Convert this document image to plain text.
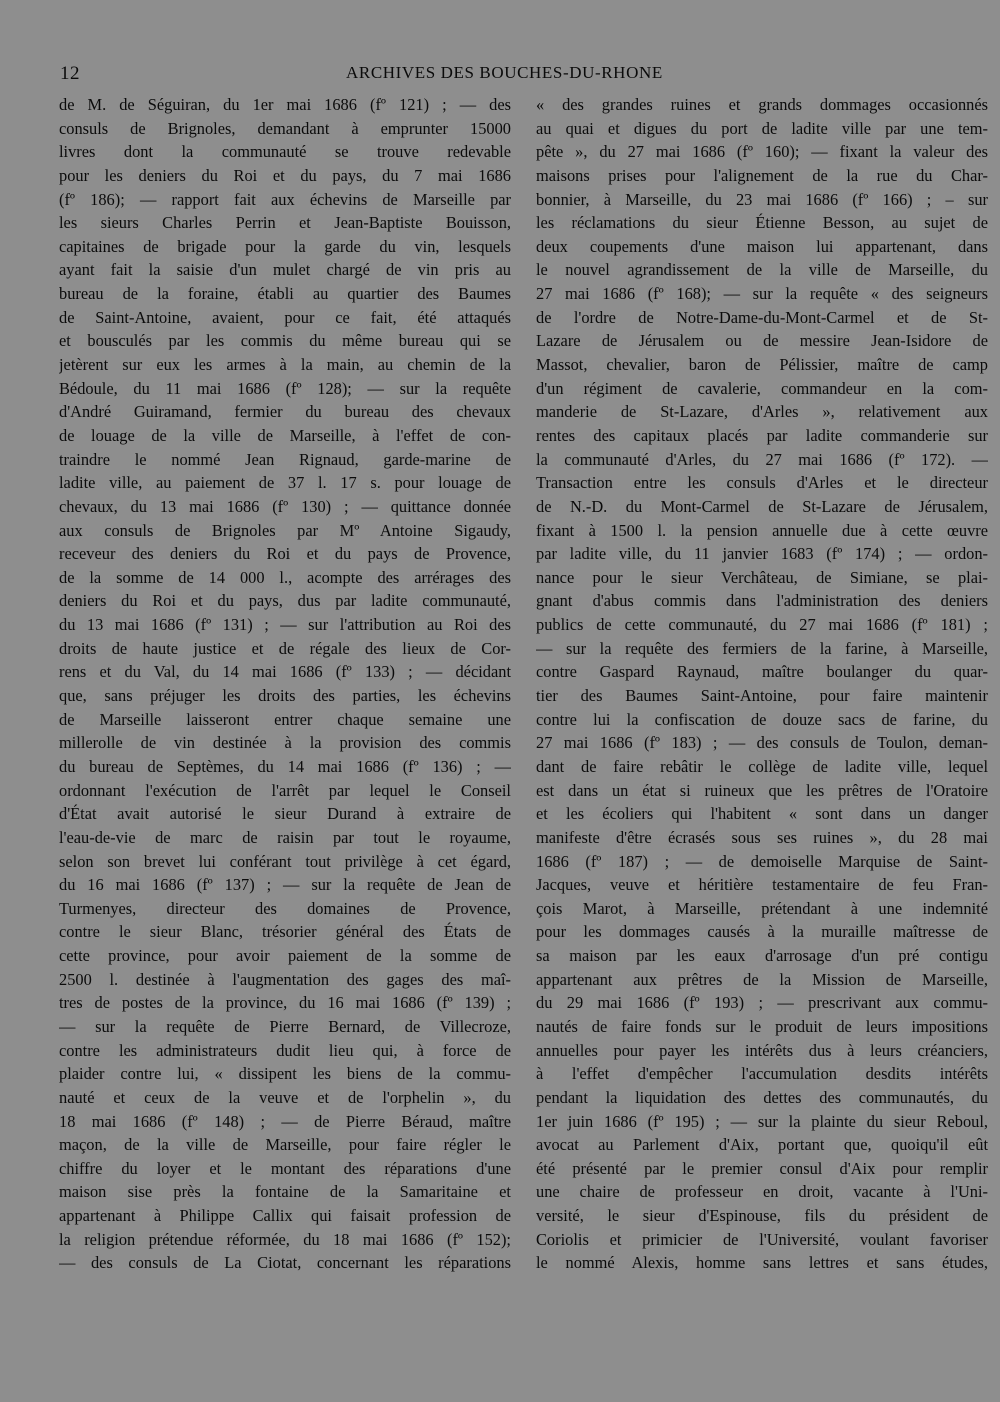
12	ARCHIVES DES BOUCHES-DU-RHONE
de M. de Séguiran, du 1er mai 1686 (fº 121) ; — des
consuls de Brignoles, demandant à emprunter 15000
livres dont la communauté se trouve redevable
pour les deniers du Roi et du pays, du 7 mai 1686
(fº 186); — rapport fait aux échevins de Marseille par
les sieurs Charles Perrin et Jean-Baptiste Bouisson,
capitaines de brigade pour la garde du vin, lesquels
ayant fait la saisie d'un mulet chargé de vin pris au
bureau de la foraine, établi au quartier des Baumes
de Saint-Antoine, avaient, pour ce fait, été attaqués
et bousculés par les commis du même bureau qui se
jetèrent sur eux les armes à la main, au chemin de la
Bédoule, du 11 mai 1686 (fº 128); — sur la requête
d'André Guiramand, fermier du bureau des chevaux
de louage de la ville de Marseille, à l'effet de con-
traindre le nommé Jean Rignaud, garde-marine de
ladite ville, au paiement de 37 l. 17 s. pour louage de
chevaux, du 13 mai 1686 (fº 130) ; — quittance donnée
aux consuls de Brignoles par Mº Antoine Sigaudy,
receveur des deniers du Roi et du pays de Provence,
de la somme de 14 000 l., acompte des arrérages des
deniers du Roi et du pays, dus par ladite communauté,
du 13 mai 1686 (fº 131) ; — sur l'attribution au Roi des
droits de haute justice et de régale des lieux de Cor-
rens et du Val, du 14 mai 1686 (fº 133) ; — décidant
que, sans préjuger les droits des parties, les échevins
de Marseille laisseront entrer chaque semaine une
millerolle de vin destinée à la provision des commis
du bureau de Septèmes, du 14 mai 1686 (fº 136) ; —
ordonnant l'exécution de l'arrêt par lequel le Conseil
d'État avait autorisé le sieur Durand à extraire de
l'eau-de-vie de marc de raisin par tout le royaume,
selon son brevet lui conférant tout privilège à cet égard,
du 16 mai 1686 (fº 137) ; — sur la requête de Jean de
Turmenyes, directeur des domaines de Provence,
contre le sieur Blanc, trésorier général des États de
cette province, pour avoir paiement de la somme de
2500 l. destinée à l'augmentation des gages des maî-
tres de postes de la province, du 16 mai 1686 (fº 139) ;
— sur la requête de Pierre Bernard, de Villecroze,
contre les administrateurs dudit lieu qui, à force de
plaider contre lui, « dissipent les biens de la commu-
nauté et ceux de la veuve et de l'orphelin », du
18 mai 1686 (fº 148) ; — de Pierre Béraud, maître
maçon, de la ville de Marseille, pour faire régler le
chiffre du loyer et le montant des réparations d'une
maison sise près la fontaine de la Samaritaine et
appartenant à Philippe Callix qui faisait profession de
la religion prétendue réformée, du 18 mai 1686 (fº 152);
— des consuls de La Ciotat, concernant les réparations
« des grandes ruines et grands dommages occasionnés
au quai et digues du port de ladite ville par une tem-
pête », du 27 mai 1686 (fº 160); — fixant la valeur des
maisons prises pour l'alignement de la rue du Char-
bonnier, à Marseille, du 23 mai 1686 (fº 166) ; – sur
les réclamations du sieur Étienne Besson, au sujet de
deux coupements d'une maison lui appartenant, dans
le nouvel agrandissement de la ville de Marseille, du
27 mai 1686 (fº 168); — sur la requête « des seigneurs
de l'ordre de Notre-Dame-du-Mont-Carmel et de St-
Lazare de Jérusalem ou de messire Jean-Isidore de
Massot, chevalier, baron de Pélissier, maître de camp
d'un régiment de cavalerie, commandeur en la com-
manderie de St-Lazare, d'Arles », relativement aux
rentes des capitaux placés par ladite commanderie sur
la communauté d'Arles, du 27 mai 1686 (fº 172). —
Transaction entre les consuls d'Arles et le directeur
de N.-D. du Mont-Carmel de St-Lazare de Jérusalem,
fixant à 1500 l. la pension annuelle due à cette œuvre
par ladite ville, du 11 janvier 1683 (fº 174) ; — ordon-
nance pour le sieur Verchâteau, de Simiane, se plai-
gnant d'abus commis dans l'administration des deniers
publics de cette communauté, du 27 mai 1686 (fº 181) ;
— sur la requête des fermiers de la farine, à Marseille,
contre Gaspard Raynaud, maître boulanger du quar-
tier des Baumes Saint-Antoine, pour faire maintenir
contre lui la confiscation de douze sacs de farine, du
27 mai 1686 (fº 183) ; — des consuls de Toulon, deman-
dant de faire rebâtir le collège de ladite ville, lequel
est dans un état si ruineux que les prêtres de l'Oratoire
et les écoliers qui l'habitent « sont dans un danger
manifeste d'être écrasés sous ses ruines », du 28 mai
1686 (fº 187) ; — de demoiselle Marquise de Saint-
Jacques, veuve et héritière testamentaire de feu Fran-
çois Marot, à Marseille, prétendant à une indemnité
pour les dommages causés à la muraille maîtresse de
sa maison par les eaux d'arrosage d'un pré contigu
appartenant aux prêtres de la Mission de Marseille,
du 29 mai 1686 (fº 193) ; — prescrivant aux commu-
nautés de faire fonds sur le produit de leurs impositions
annuelles pour payer les intérêts dus à leurs créanciers,
à l'effet d'empêcher l'accumulation desdits intérêts
pendant la liquidation des dettes des communautés, du
1er juin 1686 (fº 195) ; — sur la plainte du sieur Reboul,
avocat au Parlement d'Aix, portant que, quoiqu'il eût
été présenté par le premier consul d'Aix pour remplir
une chaire de professeur en droit, vacante à l'Uni-
versité, le sieur d'Espinouse, fils du président de
Coriolis et primicier de l'Université, voulant favoriser
le nommé Alexis, homme sans lettres et sans études,
